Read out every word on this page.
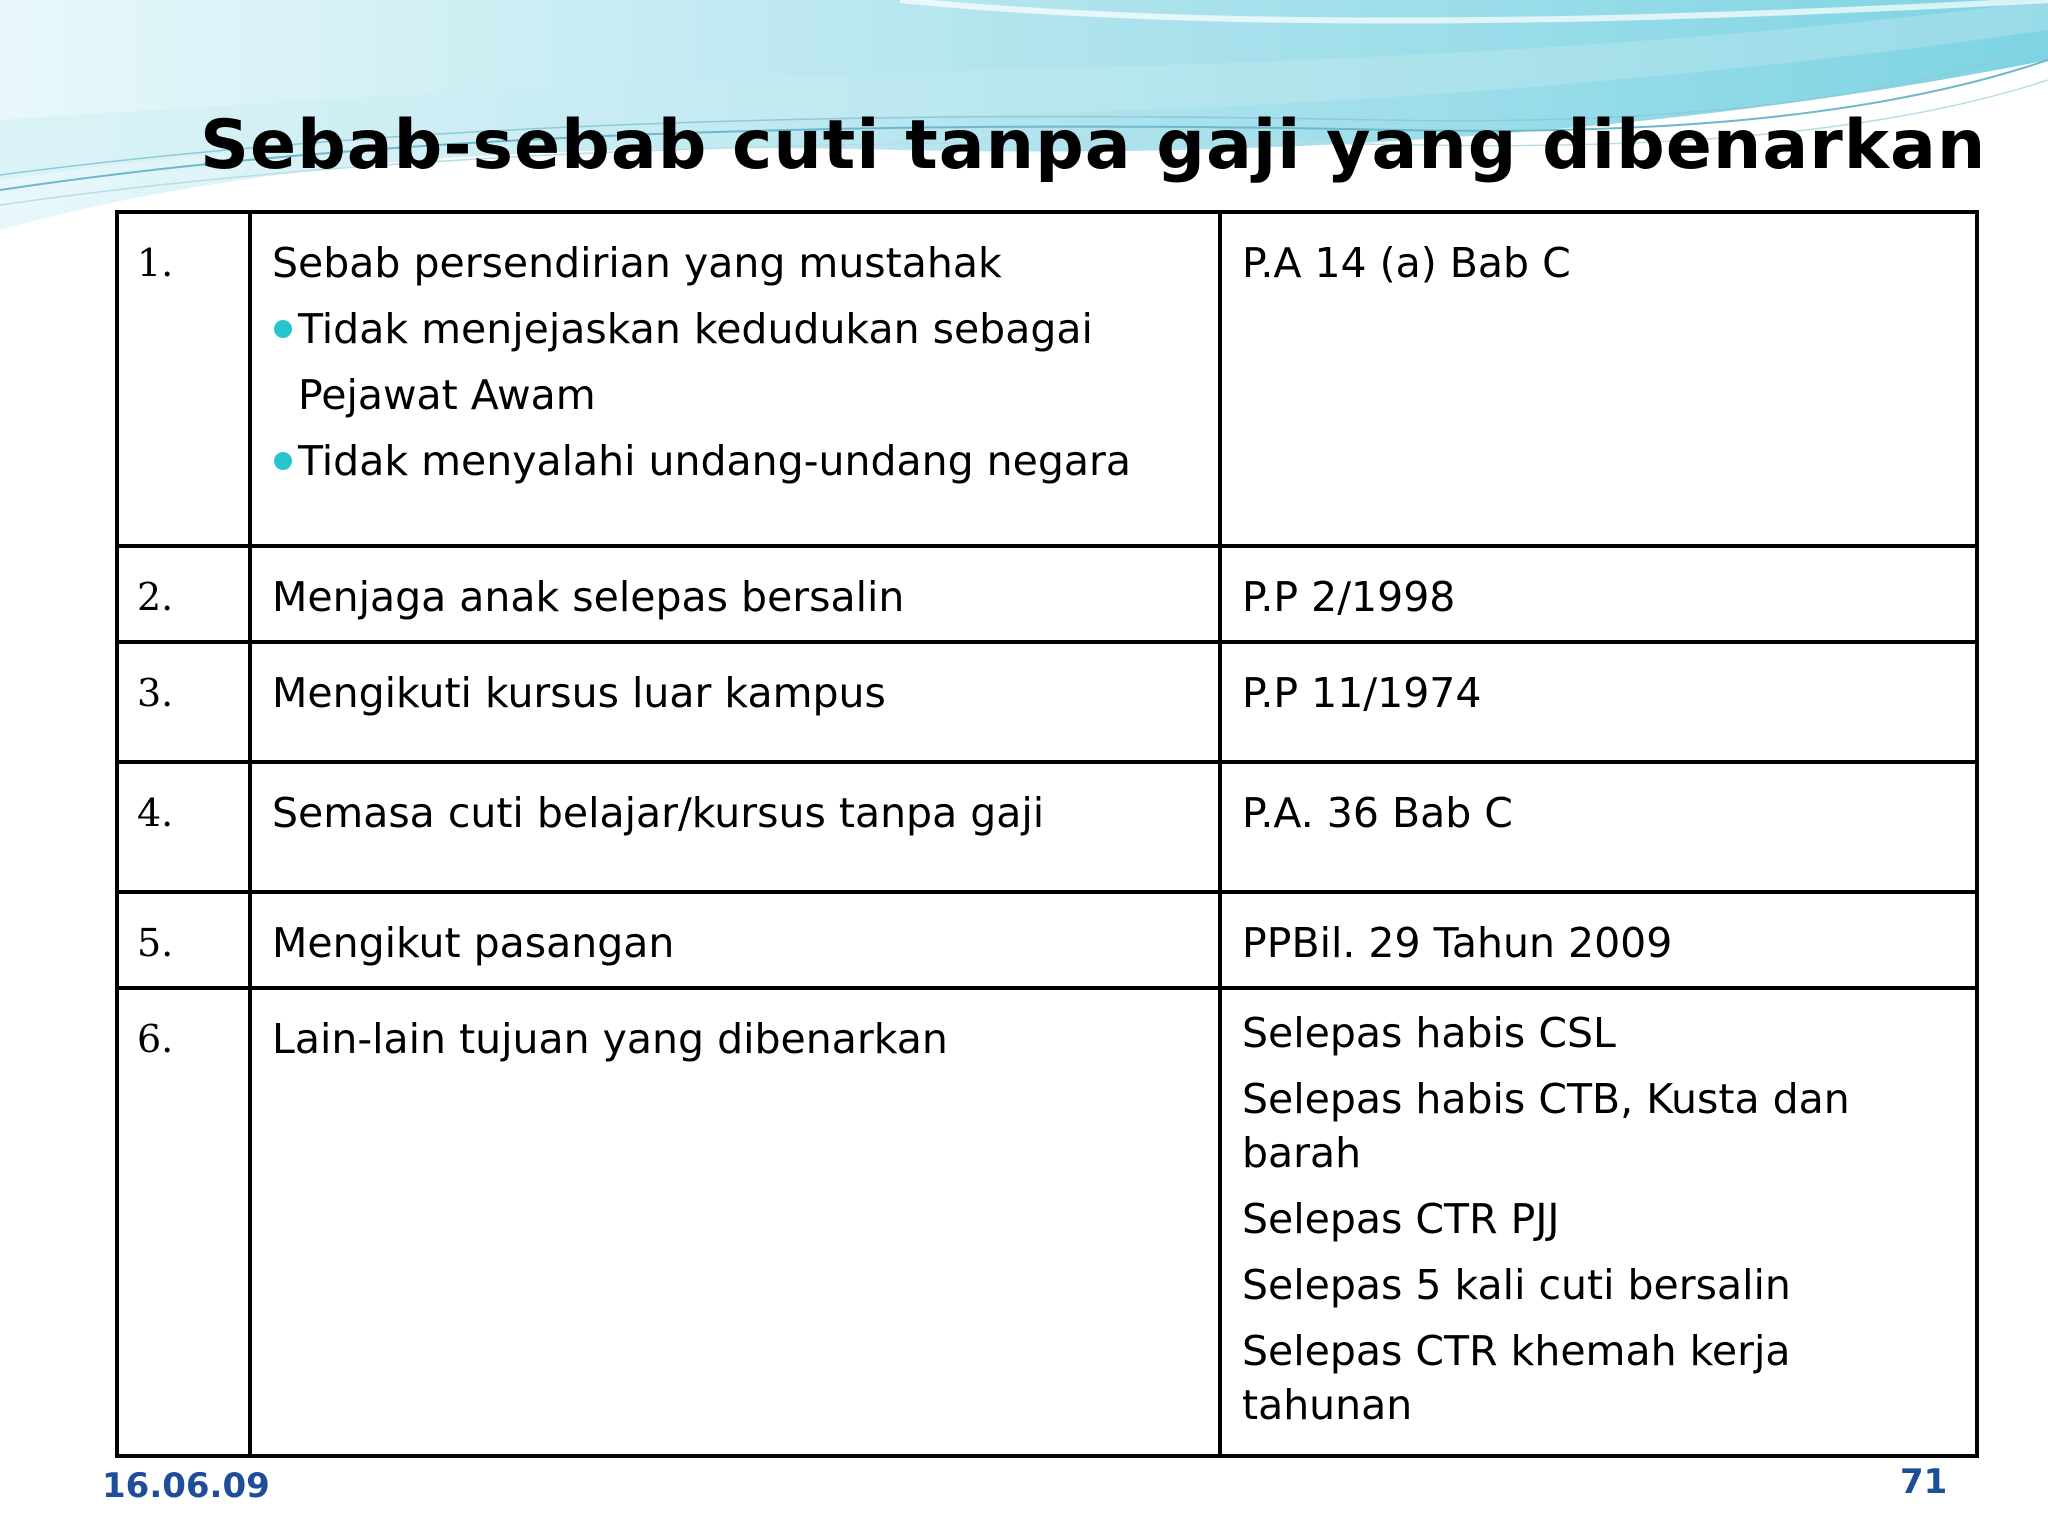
Sebab-sebab cuti tanpa gaji yang dibenarkan
1.	Sebab persendirian yang mustahak
Tidak menjejaskan kedudukan sebagai Pejawat Awam
Tidak menyalahi undang-undang negara	P.A 14 (a) Bab C

2.	Menjaga anak selepas bersalin	P.P 2/1998
3.	Mengikuti kursus luar kampus	P.P 11/1974
4.	Semasa cuti belajar/kursus tanpa gaji	P.A. 36 Bab C
5.	Mengikut pasangan	PPBil. 29 Tahun 2009
6.	Lain-lain tujuan yang dibenarkan	Selepas habis CSL
Selepas habis CTB, Kusta dan barah
Selepas CTR PJJ
Selepas 5 kali cuti bersalin
Selepas CTR khemah kerja tahunan
16.06.09	71
